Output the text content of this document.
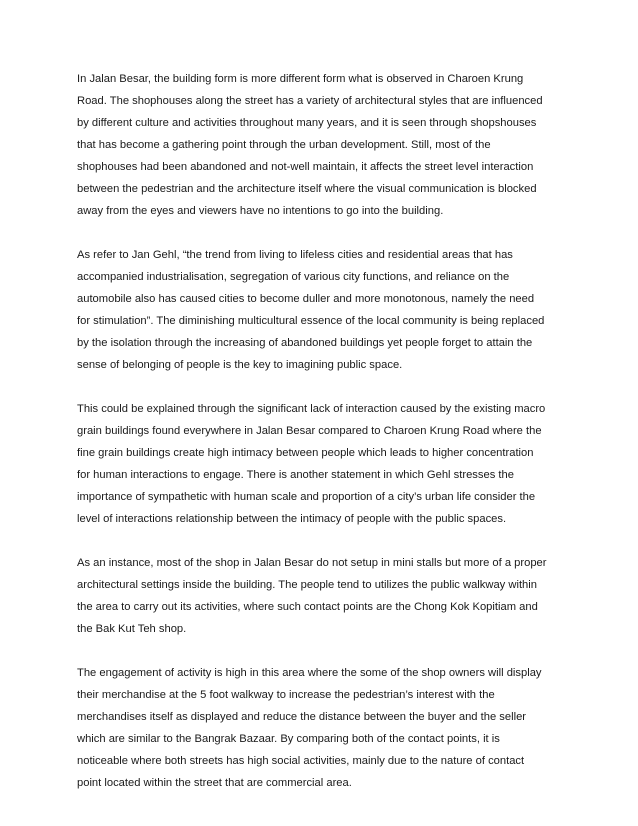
In Jalan Besar, the building form is more different form what is observed in Charoen Krung
Road. The shophouses along the street has a variety of architectural styles that are influenced
by different culture and activities throughout many years, and it is seen through shopshouses
that has become a gathering point through the urban development. Still, most of the
shophouses had been abandoned and not-well maintain, it affects the street level interaction
between the pedestrian and the architecture itself where the visual communication is blocked
away from the eyes and viewers have no intentions to go into the building.

As refer to Jan Gehl, “the trend from living to lifeless cities and residential areas that has
accompanied industrialisation, segregation of various city functions, and reliance on the
automobile also has caused cities to become duller and more monotonous, namely the need
for stimulation”. The diminishing multicultural essence of the local community is being replaced
by the isolation through the increasing of abandoned buildings yet people forget to attain the
sense of belonging of people is the key to imagining public space.

This could be explained through the significant lack of interaction caused by the existing macro
grain buildings found everywhere in Jalan Besar compared to Charoen Krung Road where the
fine grain buildings create high intimacy between people which leads to higher concentration
for human interactions to engage. There is another statement in which Gehl stresses the
importance of sympathetic with human scale and proportion of a city’s urban life consider the
level of interactions relationship between the intimacy of people with the public spaces.

As an instance, most of the shop in Jalan Besar do not setup in mini stalls but more of a proper
architectural settings inside the building. The people tend to utilizes the public walkway within
the area to carry out its activities, where such contact points are the Chong Kok Kopitiam and
the Bak Kut Teh shop.

The engagement of activity is high in this area where the some of the shop owners will display
their merchandise at the 5 foot walkway to increase the pedestrian’s interest with the
merchandises itself as displayed and reduce the distance between the buyer and the seller
which are similar to the Bangrak Bazaar. By comparing both of the contact points, it is
noticeable where both streets has high social activities, mainly due to the nature of contact
point located within the street that are commercial area.
